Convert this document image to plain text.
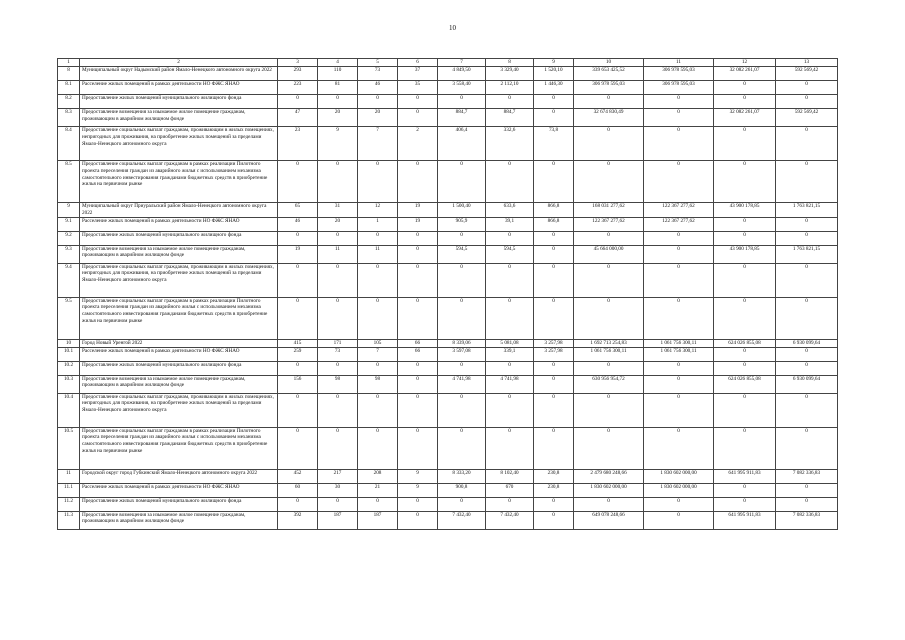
10
1	2	3	4	5	6	7	8	9	10	11	12	13
8	Муниципальный округ Надымский район Ямало-Ненецкого автономного округа 2022	293	110	73	37	4 849,50	3 329,40	1 520,10	339 653 425,52	306 978 595,03	32 082 261,07	592 569,42
8.1	Расселение жилых помещений в рамках деятельности НО ФЖС ЯНАО	223	81	46	35	3 558,40	2 112,10	1 446,30	306 978 595,03	306 978 595,03	0	0
8.2	Предоставление жилых помещений муниципального жилищного фонда	0	0	0	0	0	0	0	0	0	0	0
8.3	Предоставление возмещения за изымаемое жилое помещение гражданам, проживающим в аварийном жилищном фонде	47	20	20	0	884,7	884,7	0	32 674 830,49	0	32 082 261,07	592 569,42
8.4	Предоставление социальных выплат гражданам, проживающим в жилых помещениях, непригодных для проживания, на приобретение жилых помещений за пределами Ямало-Ненецкого автономного округа	23	9	7	2	406,4	332,6	73,8	0	0	0	0
8.5	Предоставление социальных выплат гражданам в рамках реализации Пилотного проекта переселения граждан из аварийного жилья с использованием механизма самостоятельного инвестирования гражданами бюджетных средств в приобретение жилья на первичном рынке	0	0	0	0	0	0	0	0	0	0	0
9	Муниципальный округ Приуральский район Ямало-Ненецкого автономного округа 2022	65	31	12	19	1 500,40	633,6	866,8	168 031 277,62	122 367 277,62	43 900 178,85	1 763 821,15
9.1	Расселение жилых помещений в рамках деятельности НО ФЖС ЯНАО	46	20	1	19	905,9	39,1	866,8	122 367 277,62	122 367 277,62	0	0
9.2	Предоставление жилых помещений муниципального жилищного фонда	0	0	0	0	0	0	0	0	0	0	0
9.3	Предоставление возмещения за изымаемое жилое помещение гражданам, проживающим в аварийном жилищном фонде	19	11	11	0	594,5	594,5	0	45 664 000,00	0	43 900 178,85	1 763 821,15
9.4	Предоставление социальных выплат гражданам, проживающим в жилых помещениях, непригодных для проживания, на приобретение жилых помещений за пределами Ямало-Ненецкого автономного округа	0	0	0	0	0	0	0	0	0	0	0
9.5	Предоставление социальных выплат гражданам в рамках реализации Пилотного проекта переселения граждан из аварийного жилья с использованием механизма самостоятельного инвестирования гражданами бюджетных средств в приобретение жилья на первичном рынке	0	0	0	0	0	0	0	0	0	0	0
10	Город Новый Уренгой 2022	415	171	105	66	8 339,06	5 081,08	3 257,98	1 692 713 254,83	1 061 756 300,11	624 026 855,08	6 930 099,64
10.1	Расселение жилых помещений в рамках деятельности НО ФЖС ЯНАО	259	73	7	66	3 597,08	339,1	3 257,98	1 061 756 300,11	1 061 756 300,11	0	0
10.2	Предоставление жилых помещений муниципального жилищного фонда	0	0	0	0	0	0	0	0	0	0	0
10.3	Предоставление возмещения за изымаемое жилое помещение гражданам, проживающим в аварийном жилищном фонде	156	98	98	0	4 741,98	4 741,98	0	630 956 954,72	0	624 026 855,08	6 930 099,64
10.4	Предоставление социальных выплат гражданам, проживающим в жилых помещениях, непригодных для проживания, на приобретение жилых помещений за пределами Ямало-Ненецкого автономного округа	0	0	0	0	0	0	0	0	0	0	0
10.5	Предоставление социальных выплат гражданам в рамках реализации Пилотного проекта переселения граждан из аварийного жилья с использованием механизма самостоятельного инвестирования гражданами бюджетных средств в приобретение жилья на первичном рынке	0	0	0	0	0	0	0	0	0	0	0
11	Городской округ город Губкинский Ямало-Ненецкого автономного округа 2022	452	217	208	9	8 333,20	8 102,40	230,8	2 479 680 248,66	1 830 602 000,00	641 995 911,83	7 082 336,83
11.1	Расселение жилых помещений в рамках деятельности НО ФЖС ЯНАО	60	30	21	9	900,8	670	230,8	1 830 602 000,00	1 830 602 000,00	0	0
11.2	Предоставление жилых помещений муниципального жилищного фонда	0	0	0	0	0	0	0	0	0	0	0
11.3	Предоставление возмещения за изымаемое жилое помещение гражданам, проживающим в аварийном жилищном фонде	392	187	187	0	7 432,40	7 432,40	0	649 078 248,66	0	641 995 911,83	7 082 336,83
